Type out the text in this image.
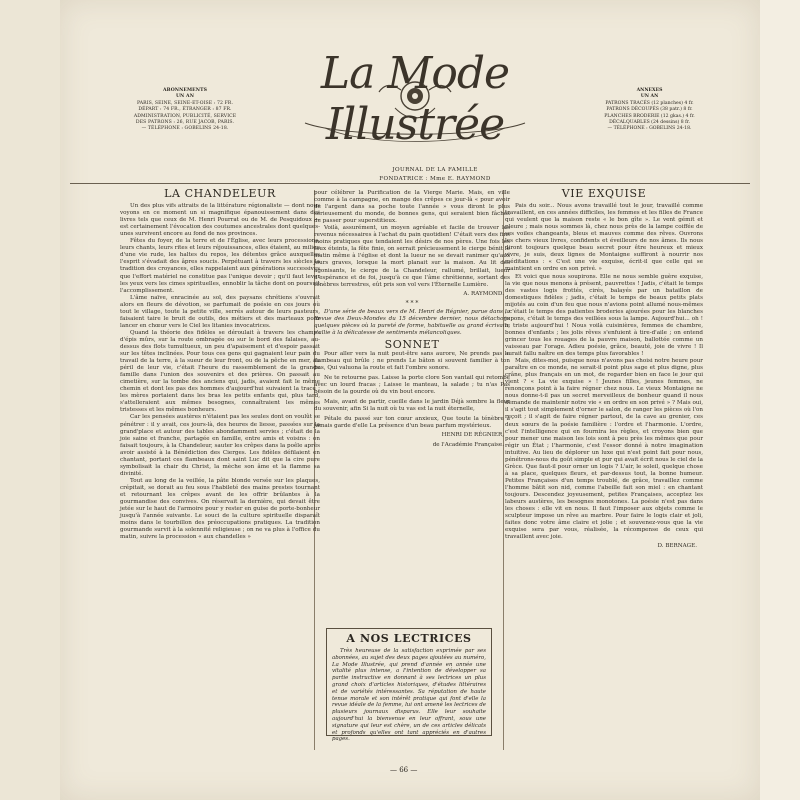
ABONNEMENTS
UN AN
PARIS, SEINE, SEINE-ET-OISE : 72 FR.
DÉPART : 74 FR., ÉTRANGER : 87 FR.
ADMINISTRATION, PUBLICITÉ, SERVICE
DES PATRONS : 26, RUE JACOB, PARIS.
— TÉLÉPHONE : GOBELINS 24-18.
La Mode Illustrée
JOURNAL DE LA FAMILLE
FONDATRICE : Mme E. RAYMOND
ANNEXES
UN AN
PATRONS TRACÉS (12 planches) 4 fr.
PATRONS DÉCOUPÉS (38 patr.) 8 fr.
PLANCHES BRODERIE (12 gkas.) 4 fr.
DÉCALQUABLES (24 dessins) 8 fr.
— TÉLÉPHONE : GOBELINS 24-18.
LA CHANDELEUR

Un des plus vifs attraits de la littérature régionaliste — dont nous voyons en ce moment un si magnifique épanouissement dans des livres tels que ceux de M. Henri Pourrat ou de M. de Pesquidoux — est certainement l'évocation des coutumes ancestrales dont quelques-unes survivent encore au fond de nos provinces.

Fêtes du foyer, de la terre et de l'Église, avec leurs processions, leurs chants, leurs rites et leurs réjouissances, elles étaient, au milieu d'une vie rude, les haltes du repos, les détentes grâce auxquelles l'esprit s'évadait des âpres soucis. Perpétuant à travers les siècles la tradition des croyances, elles rappelaient aux générations successives que l'effort matériel ne constitue pas l'unique devoir ; qu'il faut lever les yeux vers les cimes spirituelles, ennoblir la tâche dont on poursuit l'accomplissement.

L'âme naïve, enracinée au sol, des paysans chrétiens s'ouvrait alors en fleurs de dévotion, se parfumait de poésie en ces jours où tout le village, toute la petite ville, serrés autour de leurs pasteurs, faisaient taire le bruit de outils, des métiers et des marteaux pour lancer en chœur vers le Ciel les litanies invocatrices.

Quand la théorie des fidèles se déroulait à travers les champs d'épis mûrs, sur la route ombragée ou sur le bord des falaises, au-dessus des flots tumultueux, un peu d'apaisement et d'espoir passait sur les têtes inclinées. Pour tous ces gens qui gagnaient leur pain du travail de la terre, à la sueur de leur front, ou de la pêche en mer, au péril de leur vie, c'était l'heure du rassemblement de la grande famille dans l'union des souvenirs et des prières. On passait au cimetière, sur la tombe des anciens qui, jadis, avaient fait le même chemin et dont les pas des hommes d'aujourd'hui suivaient la trace ; les mères portaient dans les bras les petits enfants qui, plus tard, s'attelleraient aux mêmes besognes, connaîtraient les mêmes tristesses et les mêmes bonheurs.

Car les pensées austères n'étaient pas les seules dont on voulût se pénétrer : il y avait, ces jours-là, des heures de liesse, passées sur la grand'place et autour des tables abondamment servies ; c'était de la joie saine et franche, partagée en famille, entre amis et voisins : on faisait toujours, à la Chandeleur, sauter les crêpes dans la poêle après avoir assisté à la Bénédiction des Cierges. Les fidèles défilaient en chantant, portant ces flambeaux dont saint Luc dit que la cire pure symbolisait la chair du Christ, la mèche son âme et la flamme sa divinité.

Tout au long de la veillée, la pâte blonde versée sur les plaques, crépitait, se dorait au feu sous l'habileté des mains prestes tournant et retournant les crêpes avant de les offrir brûlantes à la gourmandise des convives. On réservait la dernière, qui devait être jetée sur le haut de l'armoire pour y rester en guise de porte-bonheur jusqu'à l'année suivante. Le souci de la culture spirituelle disparaît moins dans le tourbillon des préoccupations pratiques. La tradition gourmande survit à la solennité religieuse ; on ne va plus à l'office du matin, suivre la procession « aux chandelles »

pour célébrer la Purification de la Vierge Marie. Mais, en ville comme à la campagne, en mange des crêpes ce jour-là « pour avoir de l'argent dans sa poche toute l'année » vous diront le plus sérieusement du monde, de bonnes gens, qui seraient bien fâchés de passer pour superstitieux.

Voilà, assurément, un moyen agréable et facile de trouver les revenus nécessaires à l'achat du pain quotidien! C'était vers des fins moins pratiques que tendaient les désirs de nos pères. Une fois les feux éteints, la fête finie, on serrait précieusement le cierge bénit le matin même à l'église et dont la lueur ne se devait ranimer qu'aux jours graves, lorsque la mort planait sur la maison. Au lit des agonisants, le cierge de la Chandeleur, rallumé, brillait, lueur d'espérance et de foi, jusqu'à ce que l'âme chrétienne, sortant des ténèbres terrestres, eût pris son vol vers l'Éternelle Lumière.

A. RAYMOND.
* * *

D'une série de beaux vers de M. Henri de Régnier, parue dans la Revue des Deux-Mondes du 15 décembre dernier, nous détachons quelques pièces où la pureté de forme, habituelle au grand écrivain, s'allie à la délicatesse de sentiments mélancoliques.

SONNET

Pour aller vers la nuit peut-être sans aurore, Ne prends pas le flambeau qui brûle ; ne prends Le bâton si souvent familier à ton pas, Qui valuona la route et fait l'ombre sonore.

Ne te retourne pas. Laisse la porte clore Son vantail qui retombe avec un lourd fracas ; Laisse le manteau, la salade ; tu n'as Pas besoin de la gourde où du vin bout encore.

Mais, avant de partir, cueille dans le jardin Déjà sombre la fleur du souvenir, afin Si la nuit où tu vas est la nuit éternelle,

Pétale du passé sur ton cœur anxieux, Que toute la ténèbre à jamais garde d'elle La présence d'un beau parfum mystérieux.

HENRI DE RÉGNIER,
de l'Académie Française.
A NOS LECTRICES

Très heureuse de la satisfaction exprimée par ses abonnées, au sujet des deux pages ajoutées au numéro, La Mode Illustrée, qui prend d'année en année une vitalité plus intense, a l'intention de développer sa partie instructive en donnant à ses lectrices un plus grand choix d'articles historiques, d'études littéraires et de variétés intéressantes. Sa réputation de haute tenue morale et son intérêt pratique qui font d'elle la revue idéale de la femme, lui ont amené les lectrices de plusieurs journaux disparus. Elle leur souhaite aujourd'hui la bienvenue en leur offrant, sous une signature qui leur est chère, un de ces articles délicats et profonds qu'elles ont tant appréciés en d'autres pages.

VIE EXQUISE

Pais du soir... Nous avons travaillé tout le jour, travaillé comme travaillent, en ces années difficiles, les femmes et les filles de France qui veulent que la maison reste « le bon gîte ». Le vent gémit et pleure ; mais nous sommes là, chez nous près de la lampe coiffée de ses voiles changeants, bleus et mauves comme des rêves. Ouvrons les chers vieux livres, confidents et éveilleurs de nos âmes. Ils nous diront toujours quelque beau secret pour être heureux et mieux vivre, je suis, deux lignes de Montaigne suffiront à nourrir nos méditations : « C'est une vie exquise, écrit-il que celle qui se maintient en ordre en son privé. »

Et voici que nous soupirons. Elle ne nous semble guère exquise, la vie que nous menons à présent, pauvrettes ! Jadis, c'était le temps des vastes logis frottés, cirés, balayés par un bataillon de domestiques fidèles ; jadis, c'était le temps de beaux petits plats mijotés au coin d'un feu que nous n'avions point allumé nous-mêmes ; c'était le temps des patientes broderies ajourées pour les blanches jupons, c'était le temps des veillées sous la lampe. Aujourd'hui... oh ! le triste aujourd'hui ! Nous voilà cuisinières, femmes de chambre, bonnes d'enfants ; les jolis rêves s'enfuient à tire-d'aile ; on entend grincer tous les rouages de la pauvre maison, ballottée comme un vaisseau par l'orage. Adieu poésie, grâce, beauté, joie de vivre ! Il aurait fallu naître en des temps plus favorables !

Mais, dites-moi, puisque nous n'avons pas choisi notre heure pour paraître en ce monde, ne serait-il point plus sage et plus digne, plus crâne, plus français en un mot, de regarder bien en face le jour qui vient ? « La vie exquise » ! Jeunes filles, jeunes femmes, ne renonçons point à la faire régner chez nous. Le vieux Montaigne ne nous donne-t-il pas un secret merveilleux de bonheur quand il nous demande de maintenir notre vie « en ordre en son privé » ? Mais oui, il s'agit tout simplement d'orner le salon, de ranger les pièces où l'on reçoit ; il s'agit de faire régner partout, de la cave au grenier, ces deux sœurs de la poésie familière : l'ordre et l'harmonie. L'ordre, c'est l'intelligence qui en fournira les règles, et croyons bien que pour mener une maison les lois sont à peu près les mêmes que pour régir un État ; l'harmonie, c'est l'essor donné à notre imagination intuitive. Au lieu de déplorer un luxe qui n'est point fait pour nous, pénétrons-nous du goût simple et pur qui avait écrit nous le ciel de la Grèce. Que faut-il pour orner un logis ? L'air, le soleil, quelque chose à sa place, quelques fleurs, et par-dessus tout, la bonne humeur. Petites Françaises d'un temps troublé, de grâce, travaillez comme l'homme bâtit son nid, comme l'abeille fait son miel : en chantant toujours. Descendez joyeusement, petites Françaises, acceptez les labeurs austères, les besognes monotones. La poésie n'est pas dans les choses : elle vit en nous. Il faut l'imposer aux objets comme le sculpteur impose un rêve au marbre. Pour faire le logis clair et joli, faites donc votre âme claire et jolie ; et souvenez-vous que la vie exquise sera par vous, réalisée, la récompense de ceux qui travaillent avec joie.

D. BERNAGE.
— 66 —
